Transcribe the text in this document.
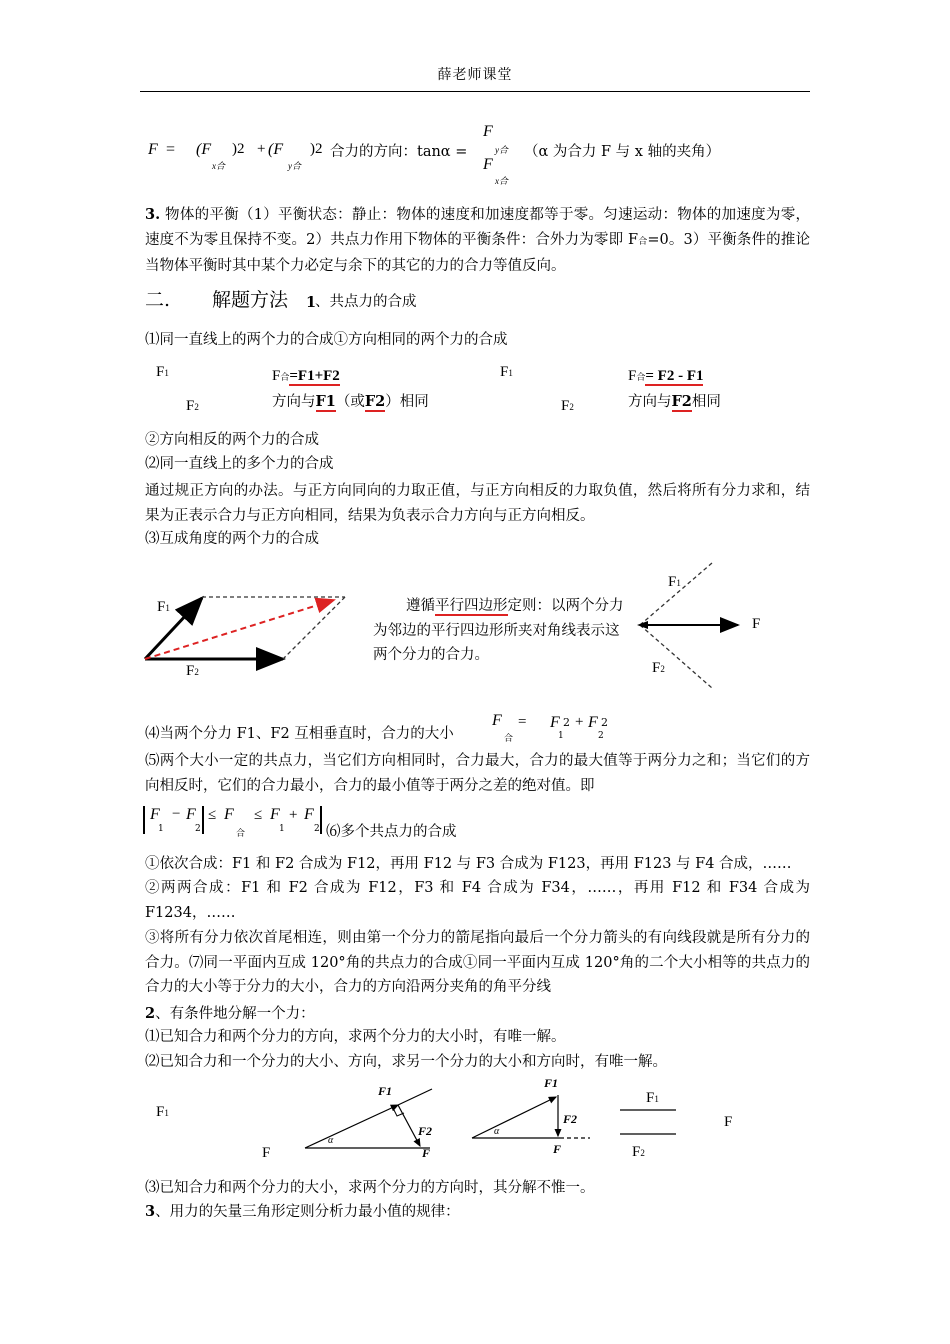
薛老师课堂
F = (F
x合
)2 + (F
y合
)2 合力的方向：tanα =
F
y合
F
x合
（α 为合力 F 与 x 轴的夹角）
3. 物体的平衡（1）平衡状态：静止：物体的速度和加速度都等于零。匀速运动：物体的加速度为零，速度不为零且保持不变。2）共点力作用下物体的平衡条件：合外力为零即 F合=0。3）平衡条件的推论当物体平衡时其中某个力必定与余下的其它的力的合力等值反向。
二. 解题方法 1
、共点力的合成
⑴同一直线上的两个力的合成①方向相同的两个力的合成
F1
F2
F合=F1+F2
方向与F1（或F2）相同
F1
F2
F合= F2 - F1
方向与F2相同
②方向相反的两个力的合成
⑵同一直线上的多个力的合成
通过规正方向的办法。与正方向同向的力取正值，与正方向相反的力取负值，然后将所有分力求和，结果为正表示合力与正方向相同，结果为负表示合力方向与正方向相反。
⑶互成角度的两个力的合成
F1
F2
遵循平行四边形定则：以两个分力为邻边的平行四边形所夹对角线表示这两个分力的合力。
F1
F
F2
⑷当两个分力 F1、F2 互相垂直时，合力的大小
F
合
= F
1
2 + F
2
2
⑸两个大小一定的共点力，当它们方向相同时，合力最大，合力的最大值等于两分力之和；当它们的方向相反时，它们的合力最小，合力的最小值等于两分之差的绝对值。即
F
1
− F
2
≤ F
合
≤ F
1
+ F
2 ⑹多个共点力的合成
①依次合成：F1 和 F2 合成为 F12，再用 F12 与 F3 合成为 F123，再用 F123 与 F4 合成，……
②两两合成：F1 和 F2 合成为 F12，F3 和 F4 合成为 F34，……，再用 F12 和 F34 合成为 F1234，……
③将所有分力依次首尾相连，则由第一个分力的箭尾指向最后一个分力箭头的有向线段就是所有分力的合力。⑺同一平面内互成 120°角的共点力的合成①同一平面内互成 120°角的二个大小相等的共点力的合力的大小等于分力的大小，合力的方向沿两分夹角的角平分线
2、有条件地分解一个力：
⑴已知合力和两个分力的方向，求两个分力的大小时，有唯一解。
⑵已知合力和一个分力的大小、方向，求另一个分力的大小和方向时，有唯一解。
F1
F
F1
F2
F
α
F1
F2
F
α
F1
F
F2
⑶已知合力和两个分力的大小，求两个分力的方向时，其分解不惟一。
3、用力的矢量三角形定则分析力最小值的规律：
